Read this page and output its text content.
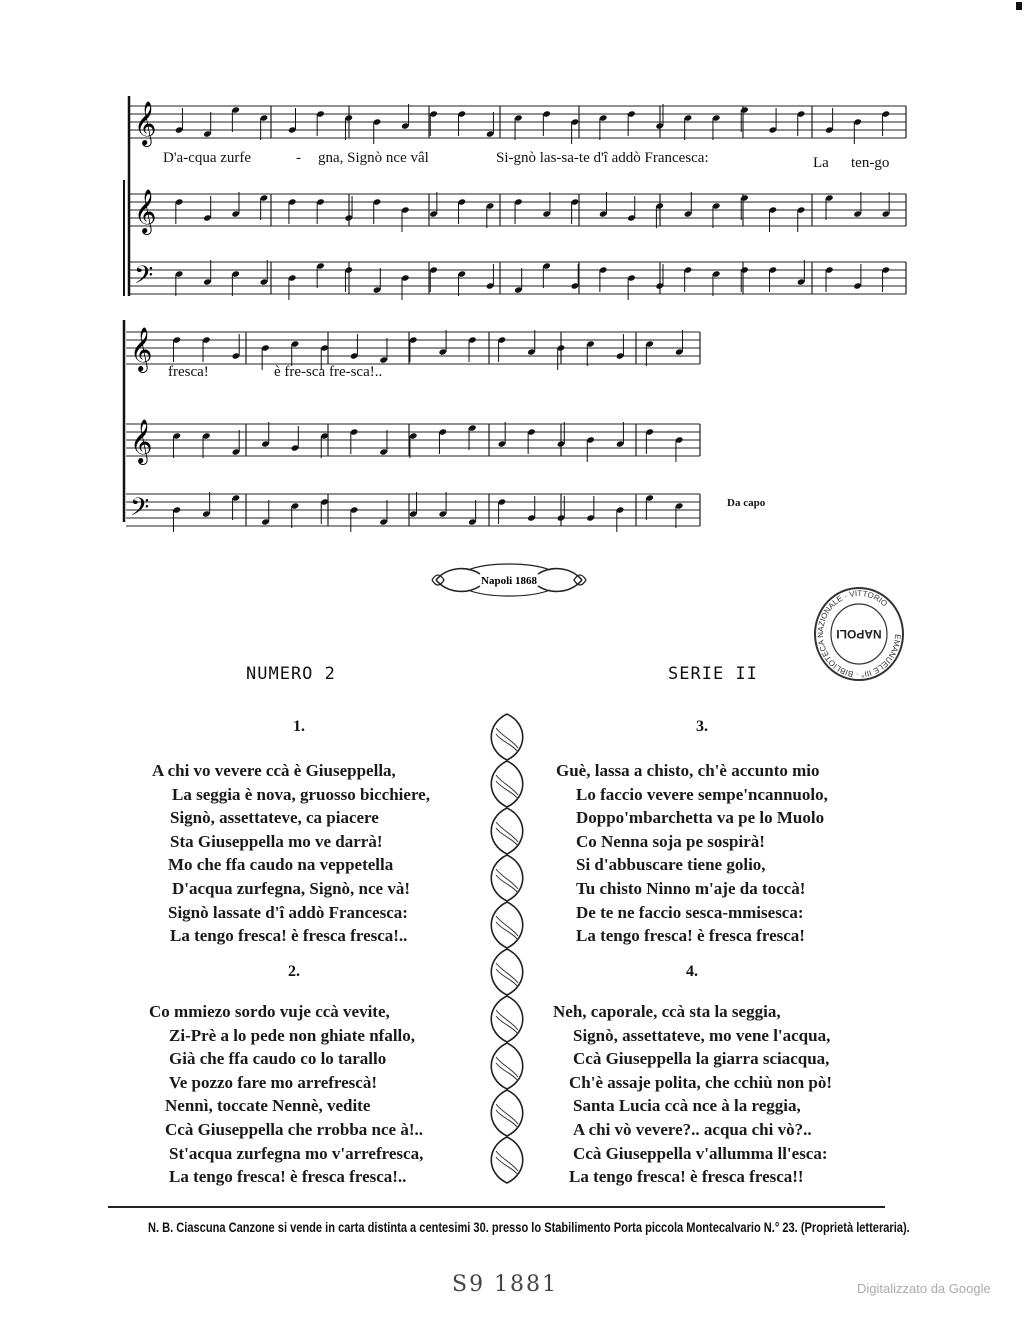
𝄞
𝄞
𝄢
𝄞
𝄞
𝄢
D'a-cqua zurfe	- gna, Signò nce vâl	Si-gnò las-sa-te d'î addò Francesca:	La ten-go
fresca!	è fre-sca fre-sca!..
Da capo
Napoli 1868
EMANUELE III° · BIBLIOTECA NAZIONALE · VITTORIO
NAPOLI
NUMERO 2	SERIE II
1.
A chi vo vevere ccà è Giuseppella,
La seggia è nova, gruosso bicchiere,
Signò, assettateve, ca piacere
Sta Giuseppella mo ve darrà!
Mo che ffa caudo na veppetella
D'acqua zurfegna, Signò, nce và!
Signò lassate d'î addò Francesca:
La tengo fresca! è fresca fresca!..
2.
Co mmiezo sordo vuje ccà vevite,
Zi-Prè a lo pede non ghiate nfallo,
Già che ffa caudo co lo tarallo
Ve pozzo fare mo arrefrescà!
Nennì, toccate Nennè, vedite
Ccà Giuseppella che rrobba nce à!..
St'acqua zurfegna mo v'arrefresca,
La tengo fresca! è fresca fresca!..
3.
Guè, lassa a chisto, ch'è accunto mio
Lo faccio vevere sempe'ncannuolo,
Doppo'mbarchetta va pe lo Muolo
Co Nenna soja pe sospirà!
Si d'abbuscare tiene golio,
Tu chisto Ninno m'aje da toccà!
De te ne faccio sesca-mmisesca:
La tengo fresca! è fresca fresca!
4.
Neh, caporale, ccà sta la seggia,
Signò, assettateve, mo vene l'acqua,
Ccà Giuseppella la giarra sciacqua,
Ch'è assaje polita, che cchiù non pò!
Santa Lucia ccà nce à la reggia,
A chi vò vevere?.. acqua chi vò?..
Ccà Giuseppella v'allumma ll'esca:
La tengo fresca! è fresca fresca!!
N. B. Ciascuna Canzone si vende in carta distinta a centesimi 30. presso lo Stabilimento Porta piccola Montecalvario N.° 23. (Proprietà letteraria).
S9 1881	Digitalizzato da Google
